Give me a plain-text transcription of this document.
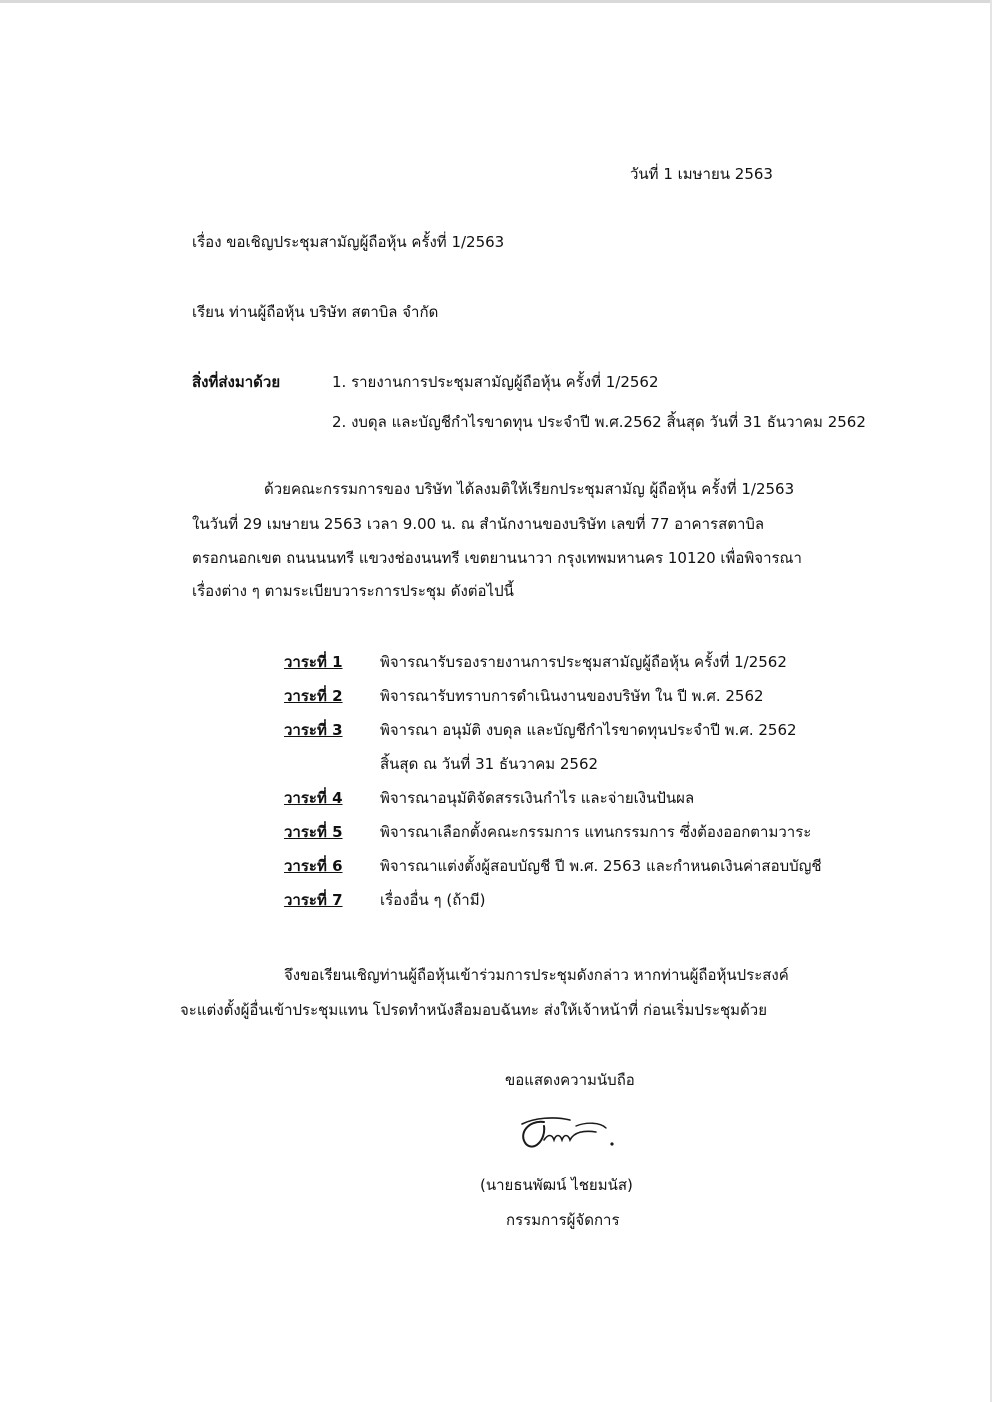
วันที่ 1 เมษายน 2563
เรื่อง ขอเชิญประชุมสามัญผู้ถือหุ้น ครั้งที่ 1/2563
เรียน ท่านผู้ถือหุ้น บริษัท สตาบิล จำกัด
สิ่งที่ส่งมาด้วย	1. รายงานการประชุมสามัญผู้ถือหุ้น ครั้งที่ 1/2562
2. งบดุล และบัญชีกำไรขาดทุน ประจำปี พ.ศ.2562 สิ้นสุด วันที่ 31 ธันวาคม 2562
ด้วยคณะกรรมการของ บริษัท ได้ลงมติให้เรียกประชุมสามัญ ผู้ถือหุ้น ครั้งที่ 1/2563
ในวันที่ 29 เมษายน 2563 เวลา 9.00 น. ณ สำนักงานของบริษัท เลขที่ 77 อาคารสตาบิล
ตรอกนอกเขต ถนนนนทรี แขวงช่องนนทรี เขตยานนาวา กรุงเทพมหานคร 10120 เพื่อพิจารณา
เรื่องต่าง ๆ ตามระเบียบวาระการประชุม ดังต่อไปนี้
วาระที่ 1	พิจารณารับรองรายงานการประชุมสามัญผู้ถือหุ้น ครั้งที่ 1/2562
วาระที่ 2	พิจารณารับทราบการดำเนินงานของบริษัท ใน ปี พ.ศ. 2562
วาระที่ 3	พิจารณา อนุมัติ งบดุล และบัญชีกำไรขาดทุนประจำปี พ.ศ. 2562
สิ้นสุด ณ วันที่ 31 ธันวาคม 2562
วาระที่ 4	พิจารณาอนุมัติจัดสรรเงินกำไร และจ่ายเงินปันผล
วาระที่ 5	พิจารณาเลือกตั้งคณะกรรมการ แทนกรรมการ ซึ่งต้องออกตามวาระ
วาระที่ 6	พิจารณาแต่งตั้งผู้สอบบัญชี ปี พ.ศ. 2563 และกำหนดเงินค่าสอบบัญชี
วาระที่ 7	เรื่องอื่น ๆ (ถ้ามี)
จึงขอเรียนเชิญท่านผู้ถือหุ้นเข้าร่วมการประชุมดังกล่าว หากท่านผู้ถือหุ้นประสงค์
จะแต่งตั้งผู้อื่นเข้าประชุมแทน โปรดทำหนังสือมอบฉันทะ ส่งให้เจ้าหน้าที่ ก่อนเริ่มประชุมด้วย
ขอแสดงความนับถือ
(นายธนพัฒน์ ไชยมนัส)
กรรมการผู้จัดการ
